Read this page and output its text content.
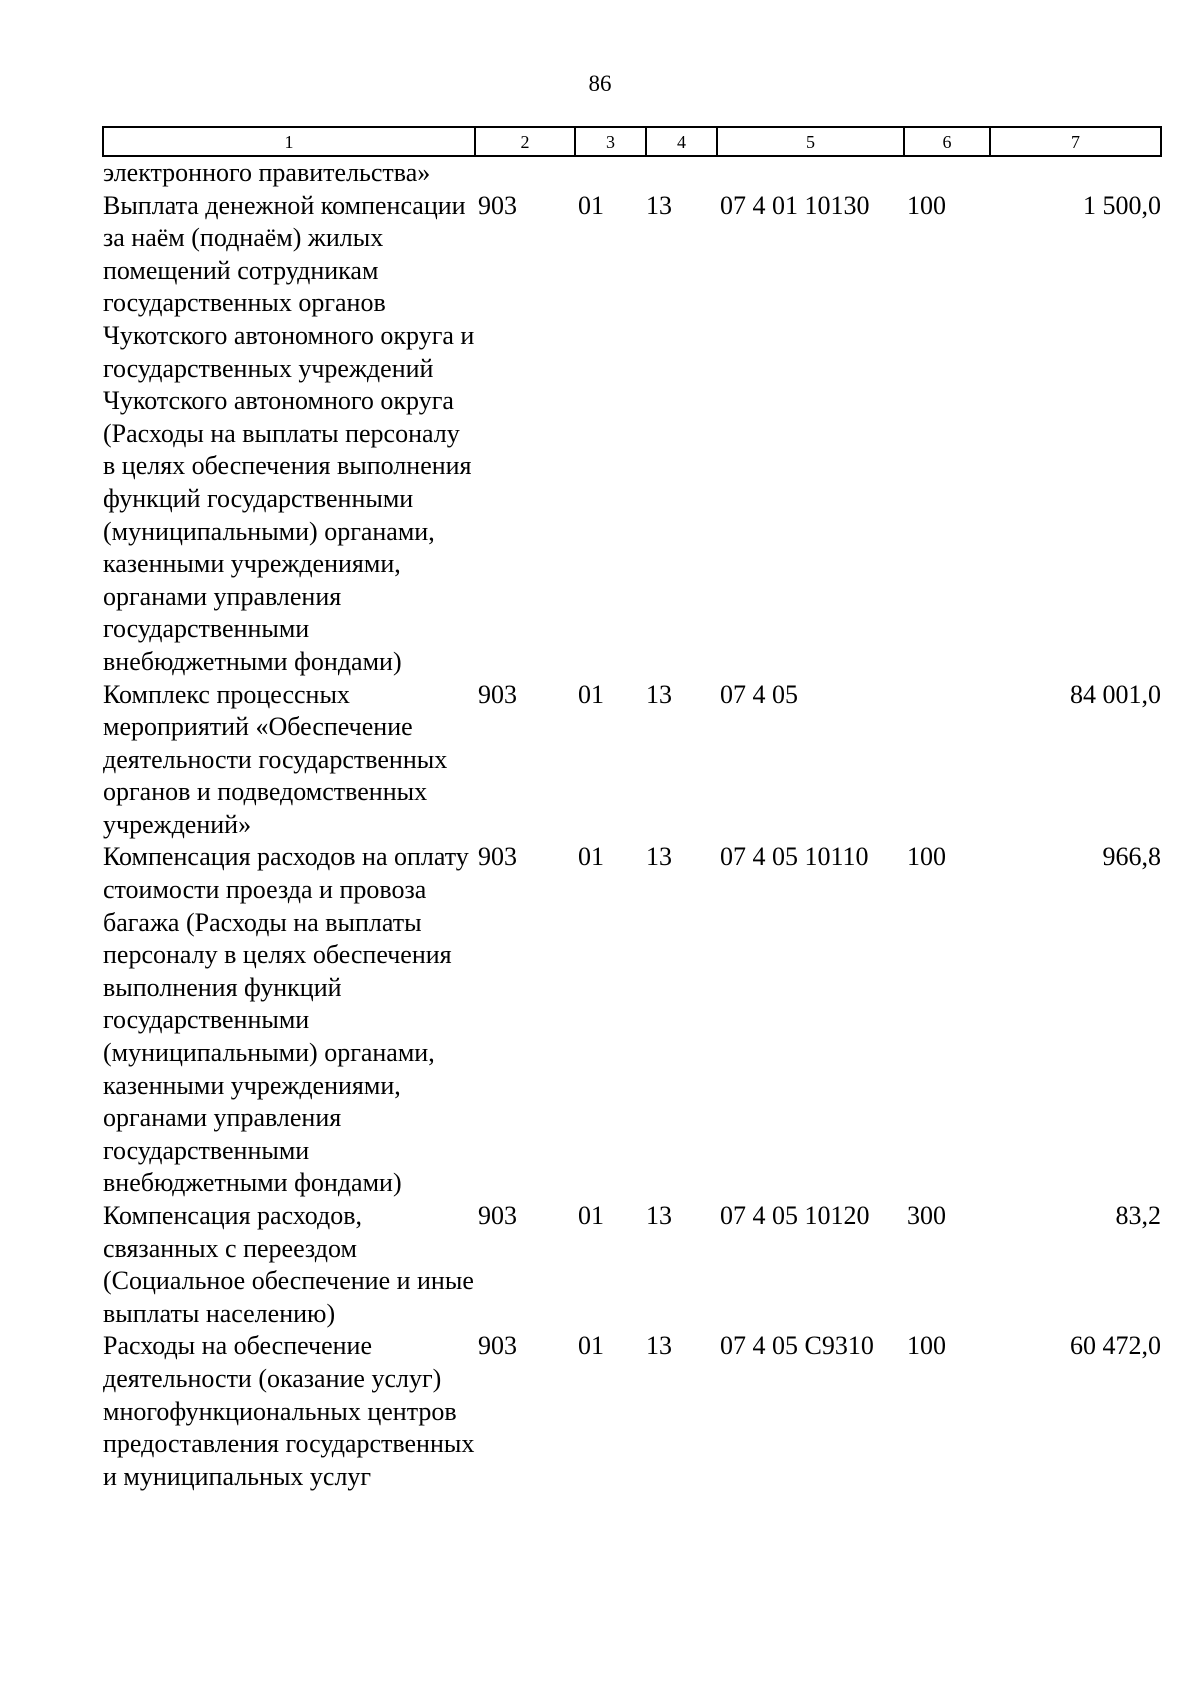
86
1	2	3	4	5	6	7
электронного правительства»						
Выплата денежной компенсации за наём (поднаём) жилых помещений сотрудникам государственных органов Чукотского автономного округа и государственных учреждений Чукотского автономного округа (Расходы на выплаты персоналу в целях обеспечения выполнения функций государственными (муниципальными) органами, казенными учреждениями, органами управления государственными внебюджетными фондами)	903	01	13	07 4 01 10130	100	1 500,0
Комплекс процессных мероприятий «Обеспечение деятельности государственных органов и подведомственных учреждений»	903	01	13	07 4 05		84 001,0
Компенсация расходов на оплату стоимости проезда и провоза багажа (Расходы на выплаты персоналу в целях обеспечения выполнения функций государственными (муниципальными) органами, казенными учреждениями, органами управления государственными внебюджетными фондами)	903	01	13	07 4 05 10110	100	966,8
Компенсация расходов, связанных с переездом (Социальное обеспечение и иные выплаты населению)	903	01	13	07 4 05 10120	300	83,2
Расходы на обеспечение деятельности (оказание услуг) многофункциональных центров предоставления государственных и муниципальных услуг	903	01	13	07 4 05 С9310	100	60 472,0
